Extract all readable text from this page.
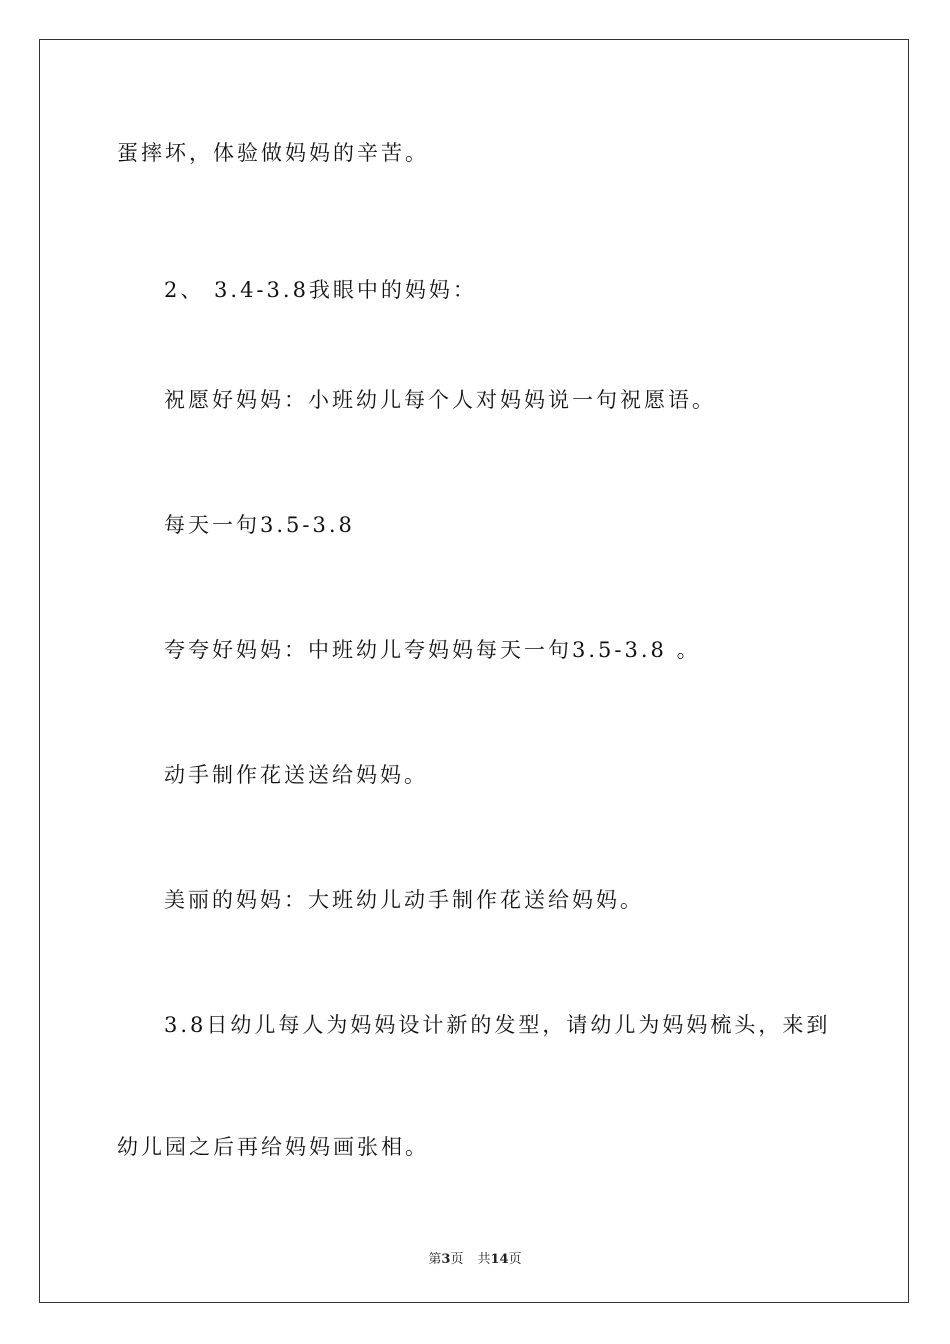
蛋摔坏，体验做妈妈的辛苦。
2、 3.4-3.8我眼中的妈妈：
祝愿好妈妈：小班幼儿每个人对妈妈说一句祝愿语。
每天一句3.5-3.8
夸夸好妈妈：中班幼儿夸妈妈每天一句3.5-3.8 。
动手制作花送送给妈妈。
美丽的妈妈：大班幼儿动手制作花送给妈妈。
3.8日幼儿每人为妈妈设计新的发型，请幼儿为妈妈梳头，来到
幼儿园之后再给妈妈画张相。
第3页 共14页
